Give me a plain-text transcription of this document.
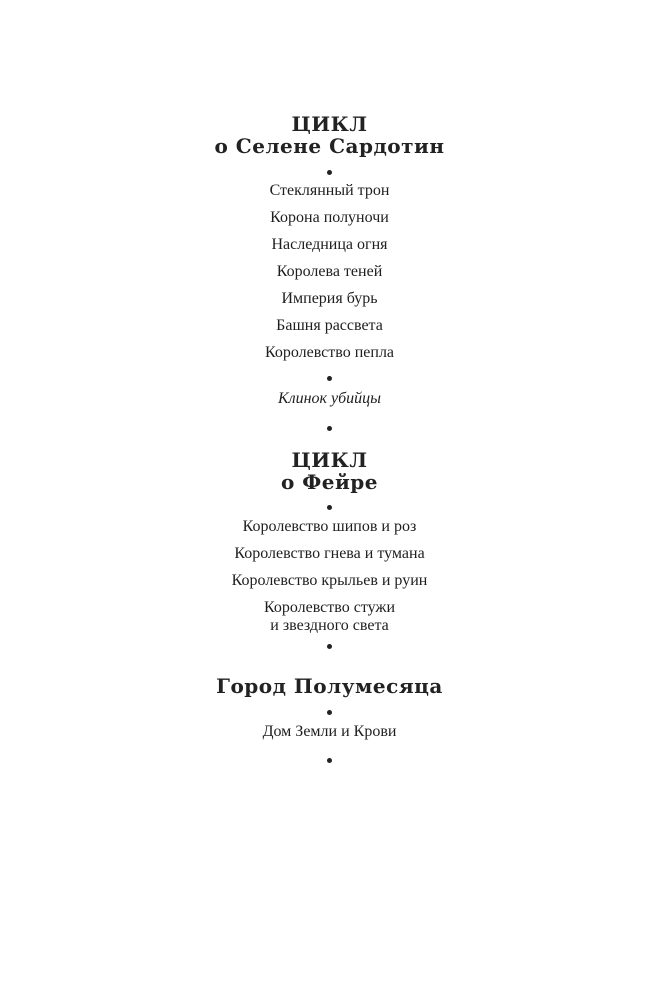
ЦИКЛ
о Селене Сардотин
Стеклянный трон
Корона полуночи
Наследница огня
Королева теней
Империя бурь
Башня рассвета
Королевство пепла
Клинок убийцы
ЦИКЛ
о Фейре
Королевство шипов и роз
Королевство гнева и тумана
Королевство крыльев и руин
Королевство стужи
и звездного света
Город Полумесяца
Дом Земли и Крови
